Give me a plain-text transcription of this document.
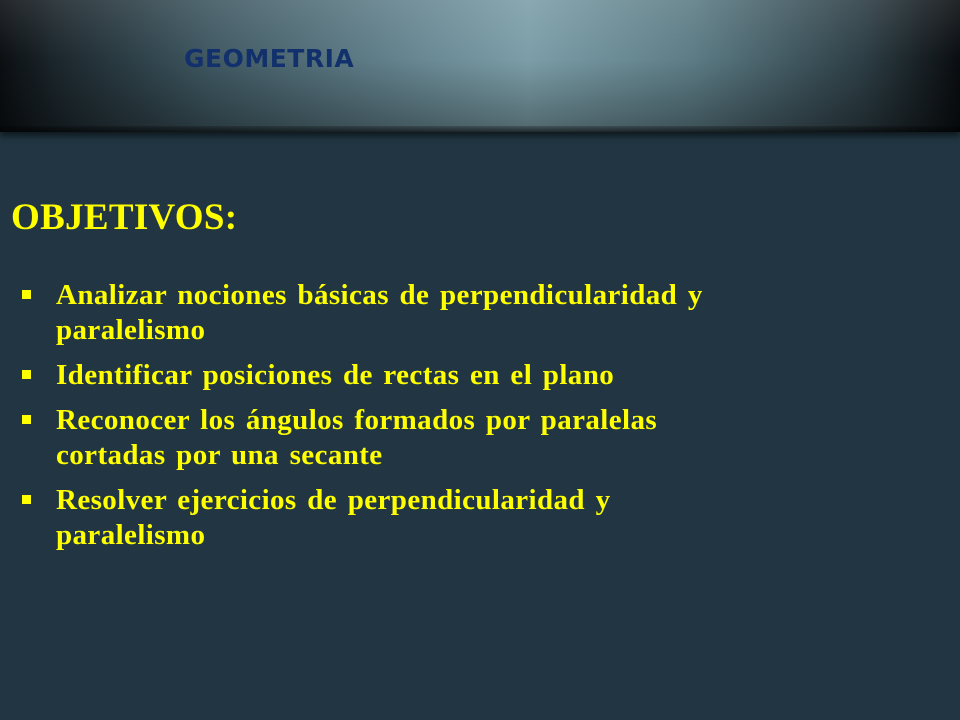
GEOMETRIA
OBJETIVOS:
Analizar nociones básicas de perpendicularidad y
paralelismo
Identificar posiciones de rectas en el plano
Reconocer los ángulos formados por paralelas
cortadas por una secante
Resolver ejercicios de perpendicularidad y
paralelismo
